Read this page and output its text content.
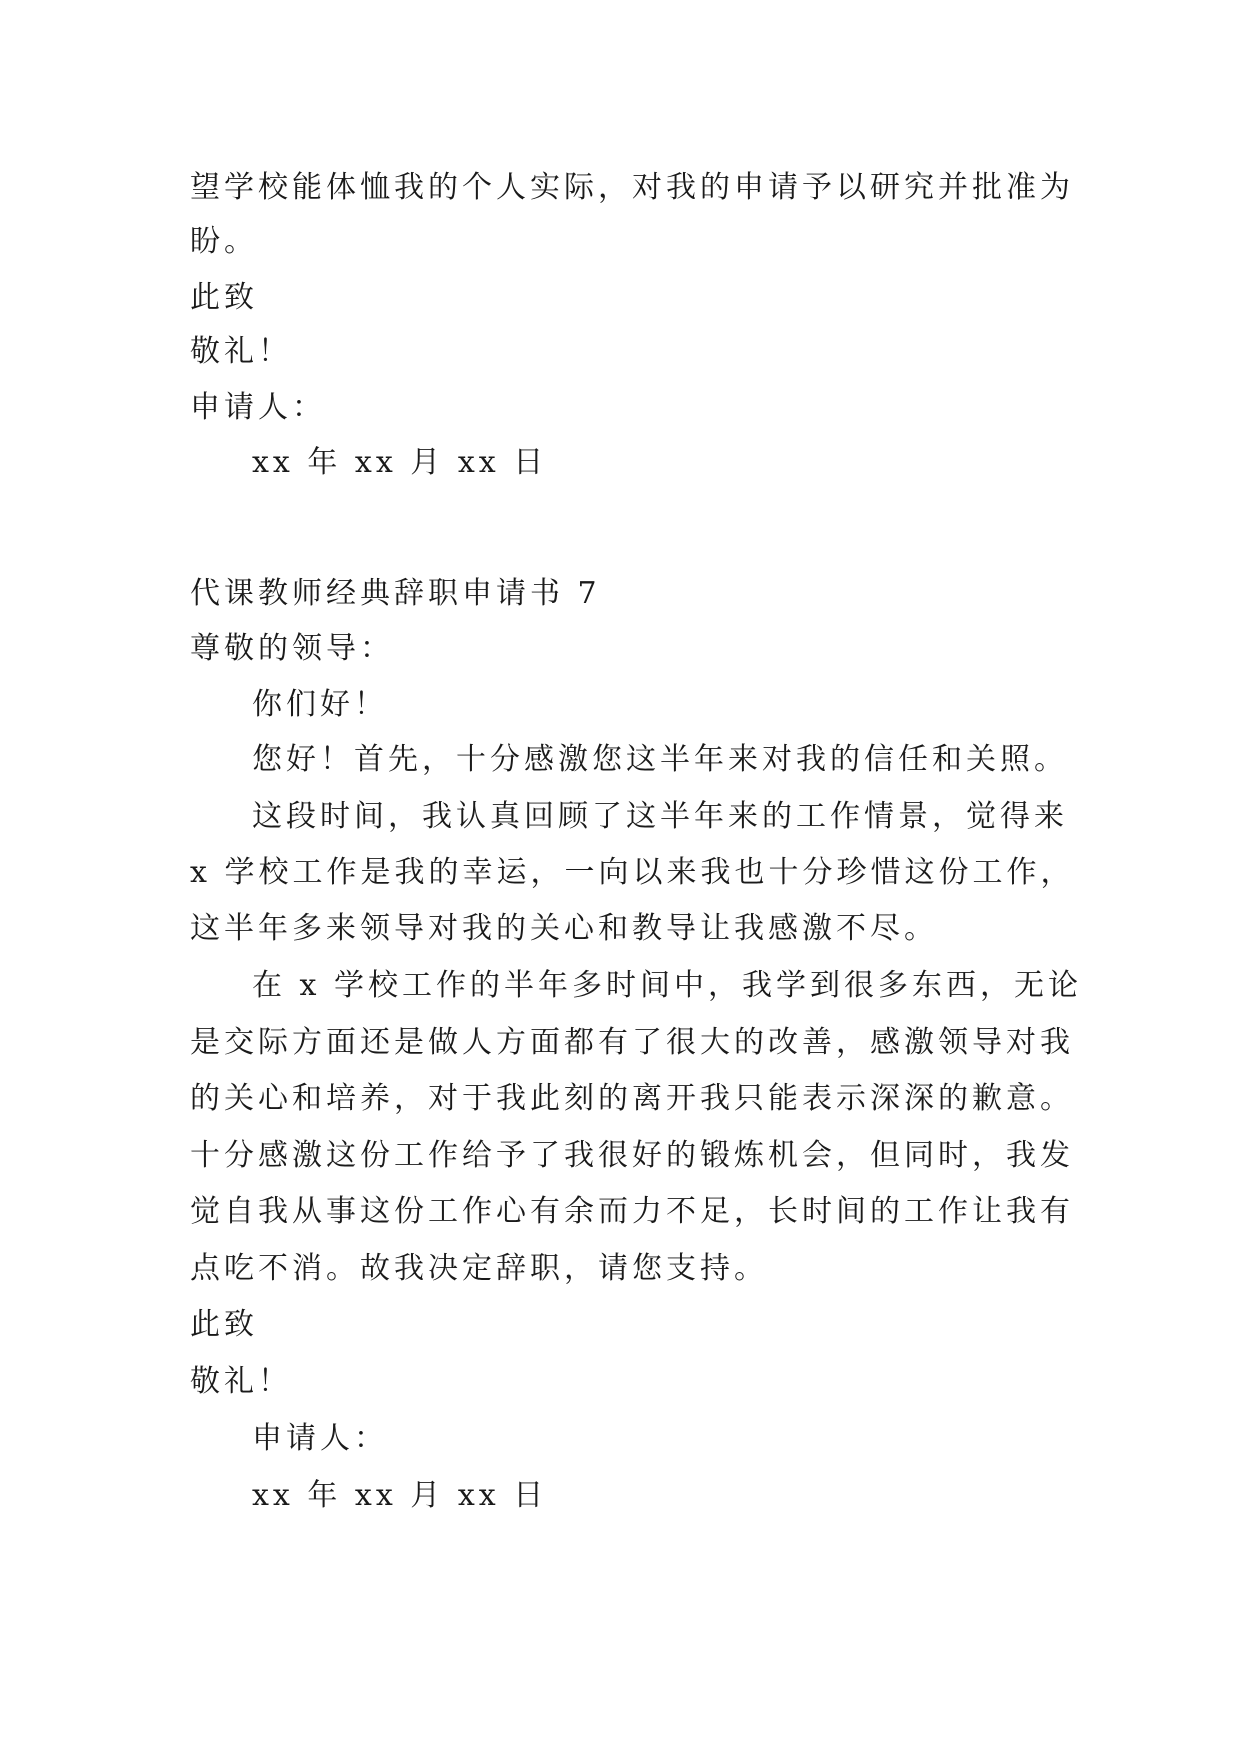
望学校能体恤我的个人实际，对我的申请予以研究并批准为
盼。
此致
敬礼！
申请人：
xx 年 xx 月 xx 日
代课教师经典辞职申请书 7
尊敬的领导：
你们好！
您好！首先，十分感激您这半年来对我的信任和关照。
这段时间，我认真回顾了这半年来的工作情景，觉得来
x 学校工作是我的幸运，一向以来我也十分珍惜这份工作，
这半年多来领导对我的关心和教导让我感激不尽。
在 x 学校工作的半年多时间中，我学到很多东西，无论
是交际方面还是做人方面都有了很大的改善，感激领导对我
的关心和培养，对于我此刻的离开我只能表示深深的歉意。
十分感激这份工作给予了我很好的锻炼机会，但同时，我发
觉自我从事这份工作心有余而力不足，长时间的工作让我有
点吃不消。故我决定辞职，请您支持。
此致
敬礼！
申请人：
xx 年 xx 月 xx 日
